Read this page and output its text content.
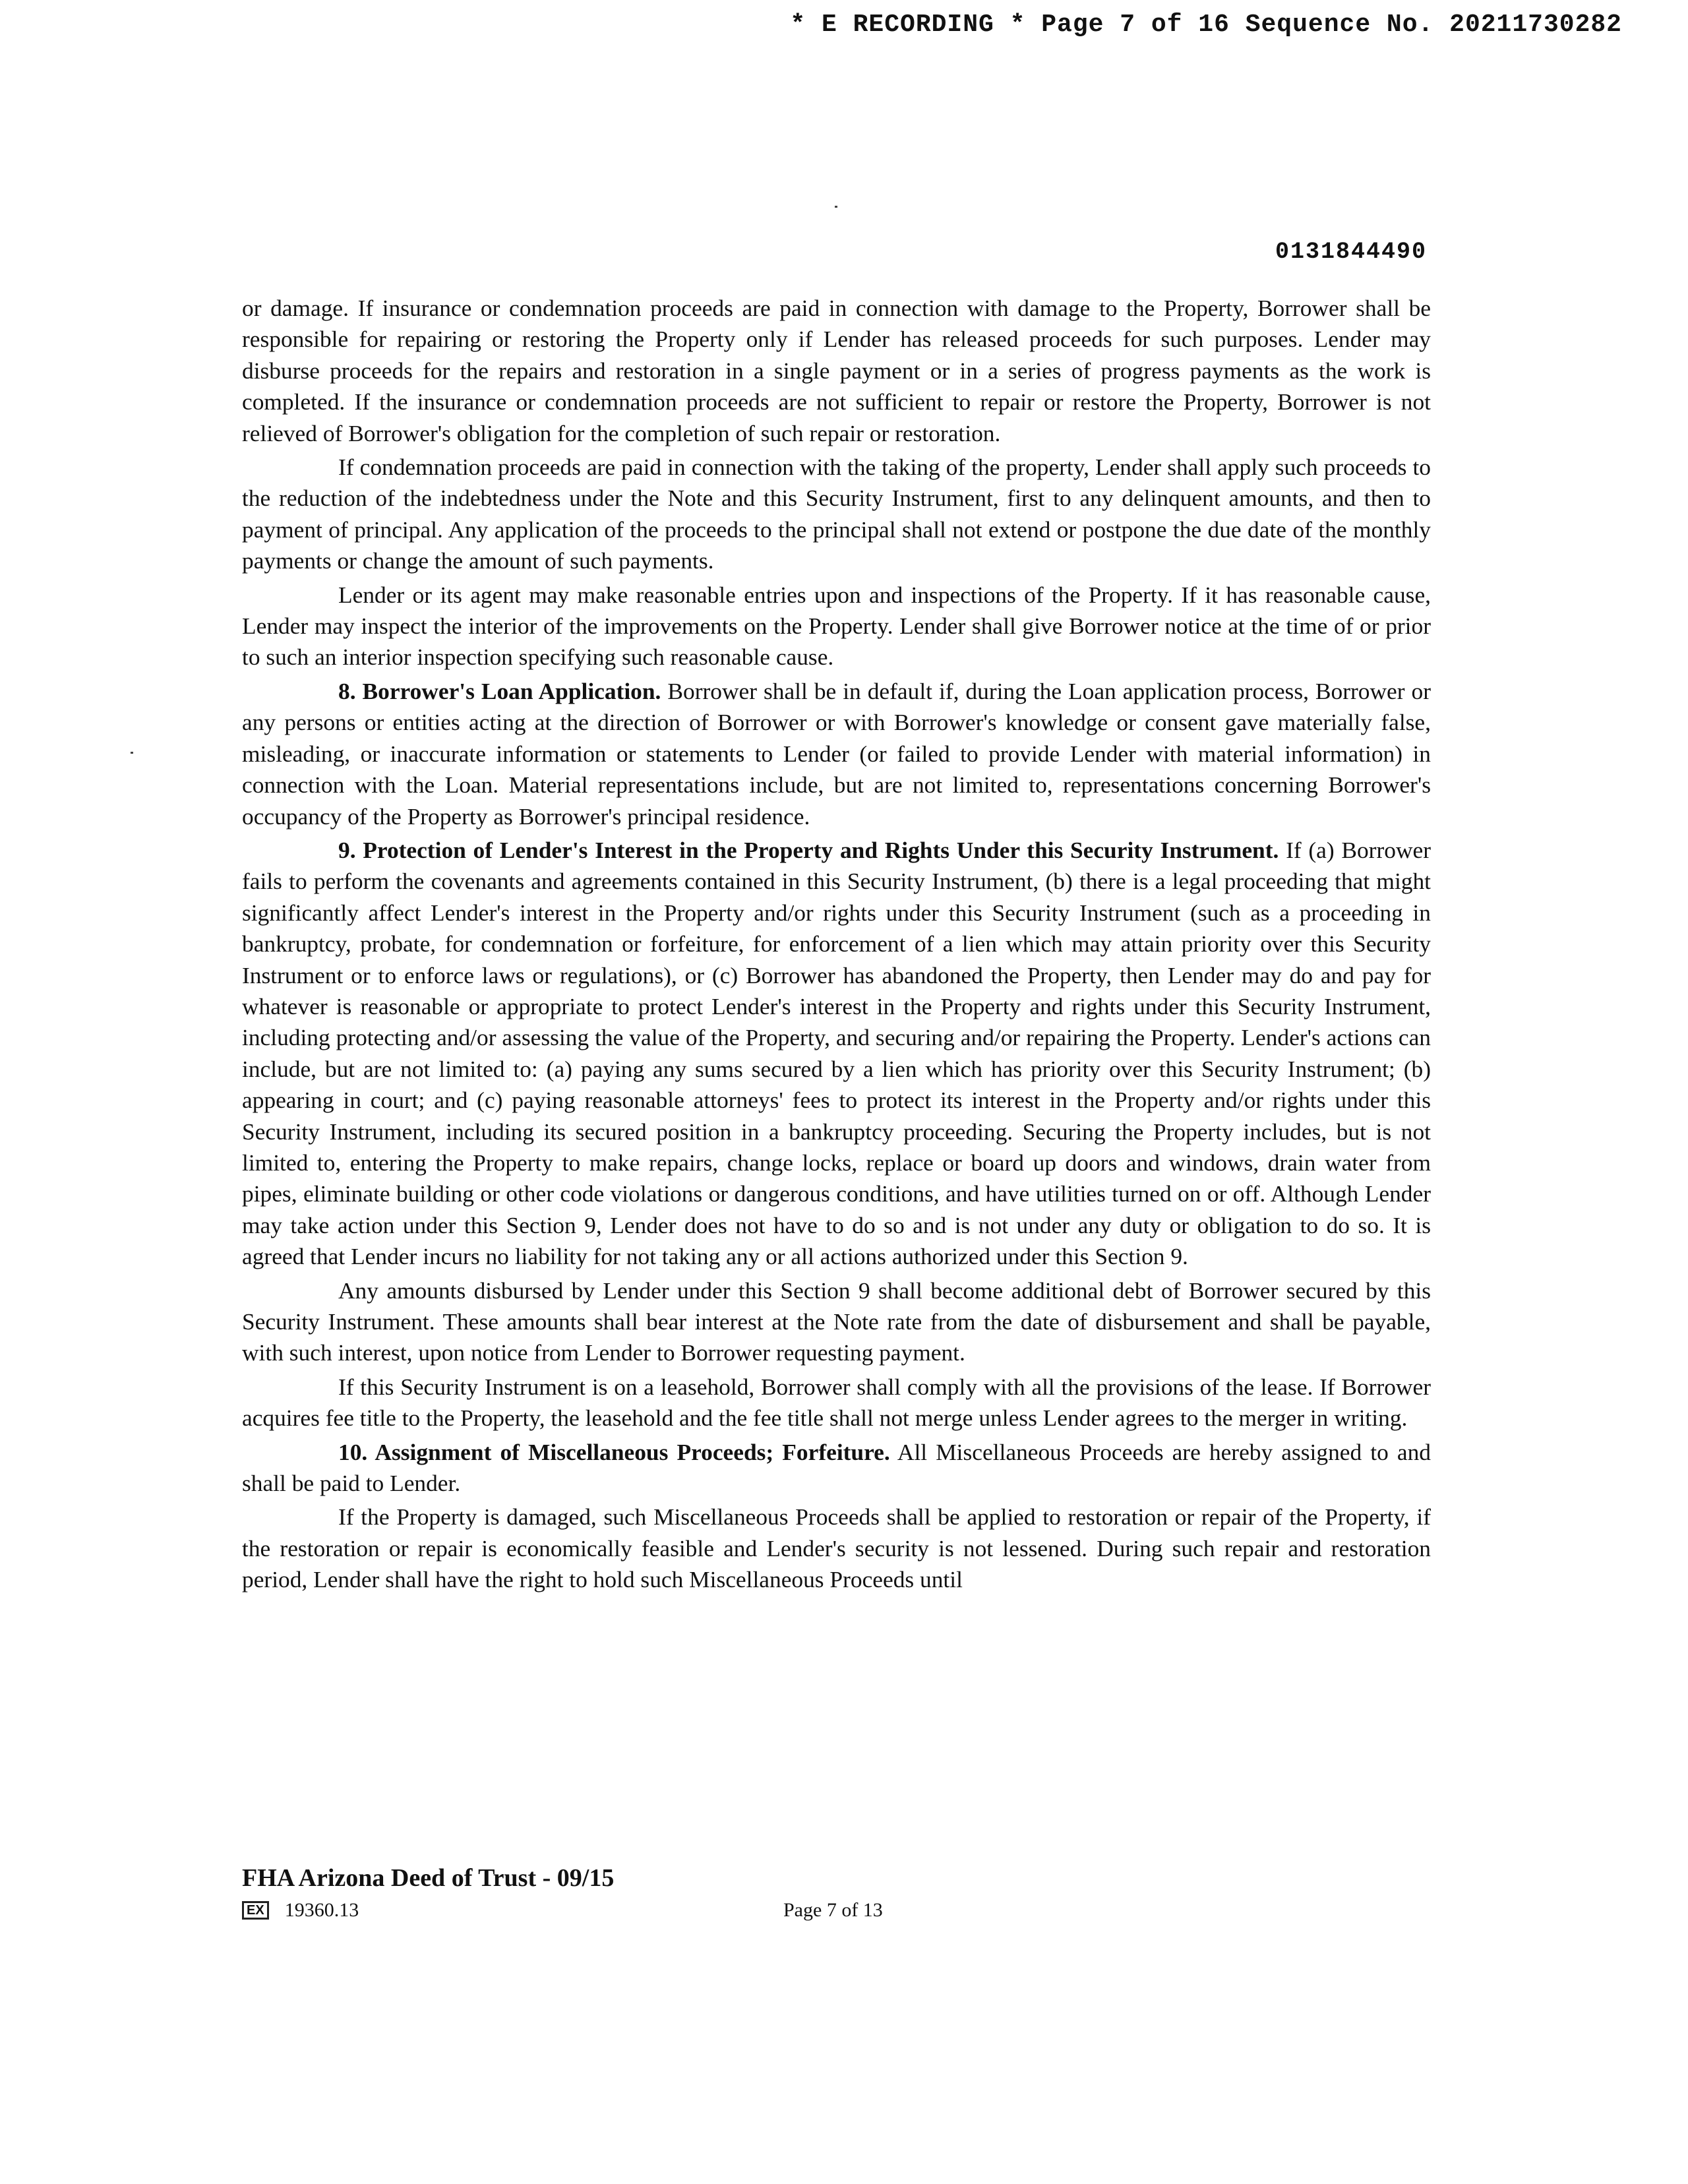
* E RECORDING * Page 7 of 16 Sequence No. 20211730282
0131844490

or damage. If insurance or condemnation proceeds are paid in connection with damage to the Property, Borrower shall be responsible for repairing or restoring the Property only if Lender has released proceeds for such purposes. Lender may disburse proceeds for the repairs and restoration in a single payment or in a series of progress payments as the work is completed. If the insurance or condemnation proceeds are not sufficient to repair or restore the Property, Borrower is not relieved of Borrower's obligation for the completion of such repair or restoration.

If condemnation proceeds are paid in connection with the taking of the property, Lender shall apply such proceeds to the reduction of the indebtedness under the Note and this Security Instrument, first to any delinquent amounts, and then to payment of principal. Any application of the proceeds to the principal shall not extend or postpone the due date of the monthly payments or change the amount of such payments.

Lender or its agent may make reasonable entries upon and inspections of the Property. If it has reasonable cause, Lender may inspect the interior of the improvements on the Property. Lender shall give Borrower notice at the time of or prior to such an interior inspection specifying such reasonable cause.

8. Borrower's Loan Application. Borrower shall be in default if, during the Loan application process, Borrower or any persons or entities acting at the direction of Borrower or with Borrower's knowledge or consent gave materially false, misleading, or inaccurate information or statements to Lender (or failed to provide Lender with material information) in connection with the Loan. Material representations include, but are not limited to, representations concerning Borrower's occupancy of the Property as Borrower's principal residence.

9. Protection of Lender's Interest in the Property and Rights Under this Security Instrument. If (a) Borrower fails to perform the covenants and agreements contained in this Security Instrument, (b) there is a legal proceeding that might significantly affect Lender's interest in the Property and/or rights under this Security Instrument (such as a proceeding in bankruptcy, probate, for condemnation or forfeiture, for enforcement of a lien which may attain priority over this Security Instrument or to enforce laws or regulations), or (c) Borrower has abandoned the Property, then Lender may do and pay for whatever is reasonable or appropriate to protect Lender's interest in the Property and rights under this Security Instrument, including protecting and/or assessing the value of the Property, and securing and/or repairing the Property. Lender's actions can include, but are not limited to: (a) paying any sums secured by a lien which has priority over this Security Instrument; (b) appearing in court; and (c) paying reasonable attorneys' fees to protect its interest in the Property and/or rights under this Security Instrument, including its secured position in a bankruptcy proceeding. Securing the Property includes, but is not limited to, entering the Property to make repairs, change locks, replace or board up doors and windows, drain water from pipes, eliminate building or other code violations or dangerous conditions, and have utilities turned on or off. Although Lender may take action under this Section 9, Lender does not have to do so and is not under any duty or obligation to do so. It is agreed that Lender incurs no liability for not taking any or all actions authorized under this Section 9.

Any amounts disbursed by Lender under this Section 9 shall become additional debt of Borrower secured by this Security Instrument. These amounts shall bear interest at the Note rate from the date of disbursement and shall be payable, with such interest, upon notice from Lender to Borrower requesting payment.

If this Security Instrument is on a leasehold, Borrower shall comply with all the provisions of the lease. If Borrower acquires fee title to the Property, the leasehold and the fee title shall not merge unless Lender agrees to the merger in writing.

10. Assignment of Miscellaneous Proceeds; Forfeiture. All Miscellaneous Proceeds are hereby assigned to and shall be paid to Lender.

If the Property is damaged, such Miscellaneous Proceeds shall be applied to restoration or repair of the Property, if the restoration or repair is economically feasible and Lender's security is not lessened. During such repair and restoration period, Lender shall have the right to hold such Miscellaneous Proceeds until

FHA Arizona Deed of Trust - 09/15
EX 19360.13	Page 7 of 13
